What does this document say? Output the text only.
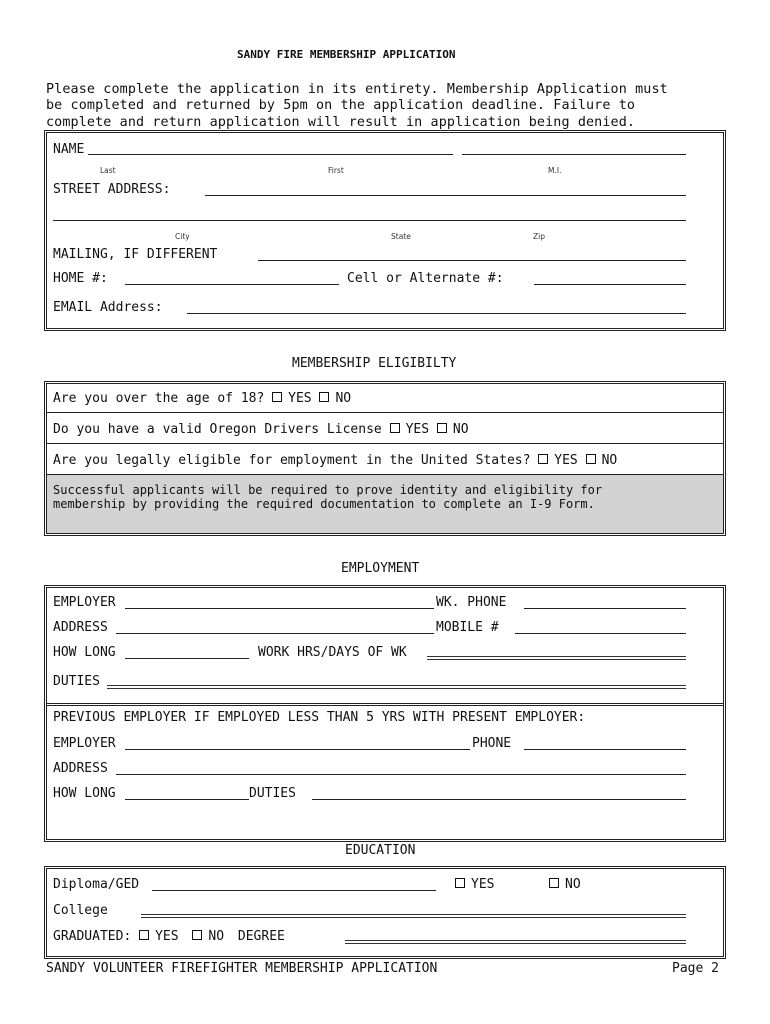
SANDY FIRE MEMBERSHIP APPLICATION
Please complete the application in its entirety. Membership Application must
be completed and returned by 5pm on the application deadline. Failure to
complete and return application will result in application being denied.
NAME
Last	First	M.I.
STREET ADDRESS:
City	State	Zip
MAILING, IF DIFFERENT
HOME #:	Cell or Alternate #:
EMAIL Address:
MEMBERSHIP ELIGIBILTY
Are you over the age of 18? YES NO
Do you have a valid Oregon Drivers License YES NO
Are you legally eligible for employment in the United States? YES NO
Successful applicants will be required to prove identity and eligibility for
membership by providing the required documentation to complete an I-9 Form.
EMPLOYMENT
EMPLOYER	WK. PHONE
ADDRESS	MOBILE #
HOW LONG	WORK HRS/DAYS OF WK
DUTIES
PREVIOUS EMPLOYER IF EMPLOYED LESS THAN 5 YRS WITH PRESENT EMPLOYER:
EMPLOYER	PHONE
ADDRESS
HOW LONG	DUTIES
EDUCATION
Diploma/GED	YES	NO
College
GRADUATED: YES NO DEGREE
SANDY VOLUNTEER FIREFIGHTER MEMBERSHIP APPLICATION	Page 2
